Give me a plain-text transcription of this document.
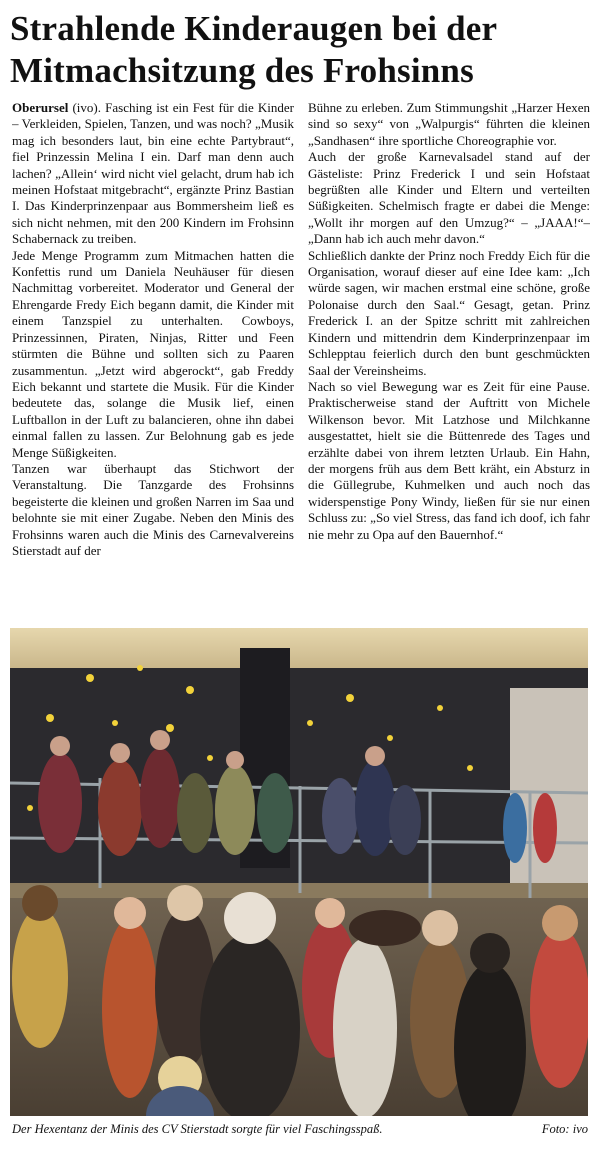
Strahlende Kinderaugen bei der
Mitmachsitzung des Frohsinns

Oberursel (ivo). Fasching ist ein Fest für die Kinder – Verkleiden, Spielen, Tanzen, und was noch? „Musik mag ich besonders laut, bin eine echte Partybraut“, fiel Prinzessin Melina I ein. Darf man denn auch lachen? „Allein‘ wird nicht viel gelacht, drum hab ich meinen Hofstaat mitgebracht“, ergänzte Prinz Bastian I. Das Kinderprinzenpaar aus Bommersheim ließ es sich nicht nehmen, mit den 200 Kindern im Frohsinn Schabernack zu treiben.

Jede Menge Programm zum Mitmachen hatten die Konfettis rund um Daniela Neuhäuser für diesen Nachmittag vorbereitet. Moderator und General der Ehrengarde Fredy Eich begann damit, die Kinder mit einem Tanzspiel zu unterhalten. Cowboys, Prinzessinnen, Piraten, Ninjas, Ritter und Feen stürmten die Bühne und sollten sich zu Paaren zusammentun. „Jetzt wird abgerockt“, gab Freddy Eich bekannt und startete die Musik. Für die Kinder bedeutete das, solange die Musik lief, einen Luftballon in der Luft zu balancieren, ohne ihn dabei einmal fallen zu lassen. Zur Belohnung gab es jede Menge Süßigkeiten.

Tanzen war überhaupt das Stichwort der Veranstaltung. Die Tanzgarde des Frohsinns begeisterte die kleinen und großen Narren im Saa und belohnte sie mit einer Zugabe. Neben den Minis des Frohsinns waren auch die Minis des Carnevalvereins Stierstadt auf der

Bühne zu erleben. Zum Stimmungshit „Harzer Hexen sind so sexy“ von „Walpurgis“ führten die kleinen „Sandhasen“ ihre sportliche Choreographie vor.

Auch der große Karnevalsadel stand auf der Gästeliste: Prinz Frederick I und sein Hofstaat begrüßten alle Kinder und Eltern und verteilten Süßigkeiten. Schelmisch fragte er dabei die Menge: „Wollt ihr morgen auf den Umzug?“ – „JAAA!“– „Dann hab ich auch mehr davon.“

Schließlich dankte der Prinz noch Freddy Eich für die Organisation, worauf dieser auf eine Idee kam: „Ich würde sagen, wir machen erstmal eine schöne, große Polonaise durch den Saal.“ Gesagt, getan. Prinz Frederick I. an der Spitze schritt mit zahlreichen Kindern und mittendrin dem Kinderprinzenpaar im Schlepptau feierlich durch den bunt geschmückten Saal der Vereinsheims.

Nach so viel Bewegung war es Zeit für eine Pause. Praktischerweise stand der Auftritt von Michele Wilkenson bevor. Mit Latzhose und Milchkanne ausgestattet, hielt sie die Büttenrede des Tages und erzählte dabei von ihrem letzten Urlaub. Ein Hahn, der morgens früh aus dem Bett kräht, ein Absturz in die Güllegrube, Kuhmelken und auch noch das widerspenstige Pony Windy, ließen für sie nur einen Schluss zu: „So viel Stress, das fand ich doof, ich fahr nie mehr zu Opa auf den Bauernhof.“

Der Hexentanz der Minis des CV Stierstadt sorgte für viel Faschingsspaß.	Foto: ivo
